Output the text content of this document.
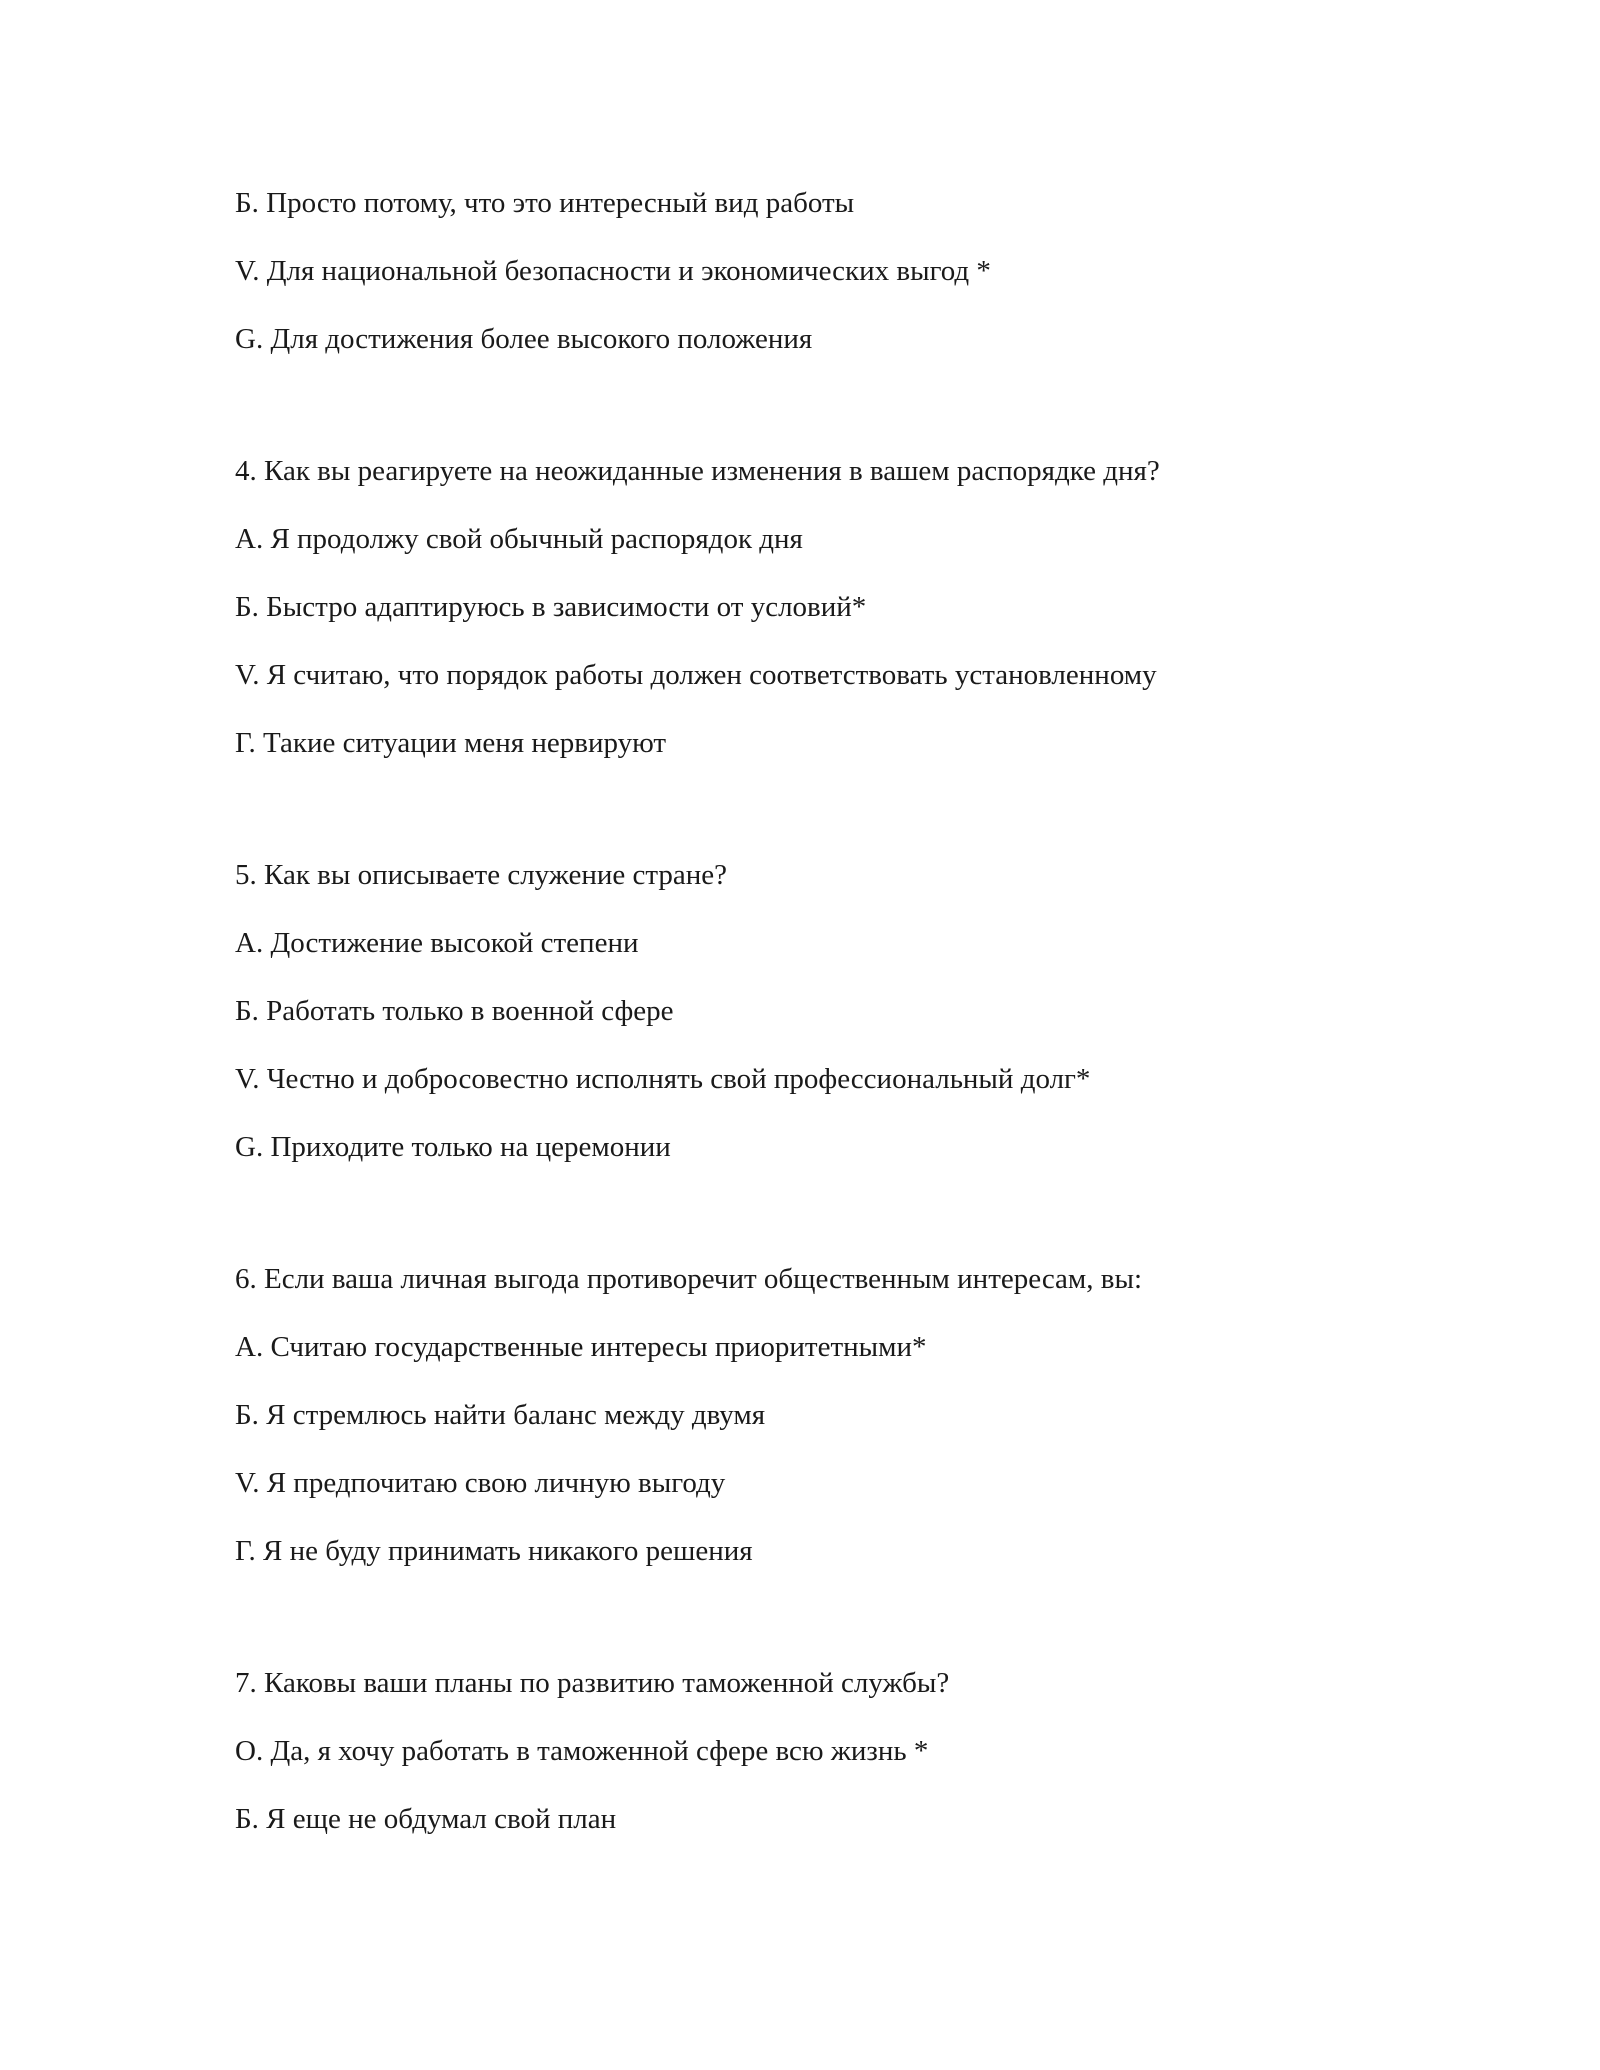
Б. Просто потому, что это интересный вид работы
V. Для национальной безопасности и экономических выгод *
G. Для достижения более высокого положения
4. Как вы реагируете на неожиданные изменения в вашем распорядке дня?
А. Я продолжу свой обычный распорядок дня
Б. Быстро адаптируюсь в зависимости от условий*
V. Я считаю, что порядок работы должен соответствовать установленному
Г. Такие ситуации меня нервируют
5. Как вы описываете служение стране?
А. Достижение высокой степени
Б. Работать только в военной сфере
V. Честно и добросовестно исполнять свой профессиональный долг*
G. Приходите только на церемонии
6. Если ваша личная выгода противоречит общественным интересам, вы:
А. Считаю государственные интересы приоритетными*
Б. Я стремлюсь найти баланс между двумя
V. Я предпочитаю свою личную выгоду
Г. Я не буду принимать никакого решения
7. Каковы ваши планы по развитию таможенной службы?
О. Да, я хочу работать в таможенной сфере всю жизнь *
Б. Я еще не обдумал свой план
